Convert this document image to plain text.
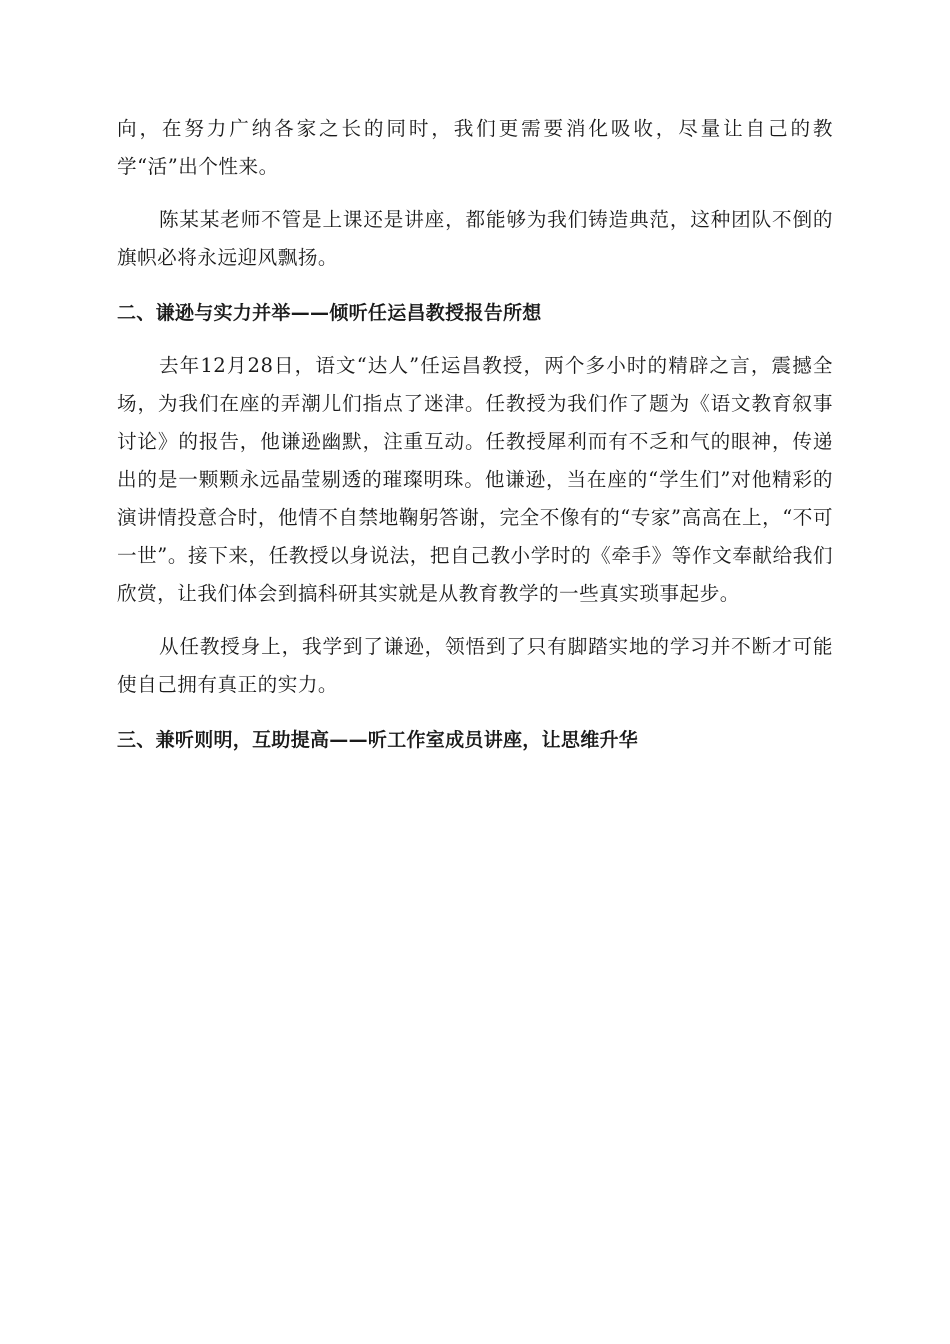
向，在努力广纳各家之长的同时，我们更需要消化吸收，尽量让自己的教学“活”出个性来。

陈某某老师不管是上课还是讲座，都能够为我们铸造典范，这种团队不倒的旗帜必将永远迎风飘扬。

二、谦逊与实力并举——倾听任运昌教授报告所想

去年12月28日，语文“达人”任运昌教授，两个多小时的精辟之言，震撼全场，为我们在座的弄潮儿们指点了迷津。任教授为我们作了题为《语文教育叙事讨论》的报告，他谦逊幽默，注重互动。任教授犀利而有不乏和气的眼神，传递出的是一颗颗永远晶莹剔透的璀璨明珠。他谦逊，当在座的“学生们”对他精彩的演讲情投意合时，他情不自禁地鞠躬答谢，完全不像有的“专家”高高在上，“不可一世”。接下来，任教授以身说法，把自己教小学时的《牵手》等作文奉献给我们欣赏，让我们体会到搞科研其实就是从教育教学的一些真实琐事起步。

从任教授身上，我学到了谦逊，领悟到了只有脚踏实地的学习并不断才可能使自己拥有真正的实力。

三、兼听则明，互助提高——听工作室成员讲座，让思维升华
